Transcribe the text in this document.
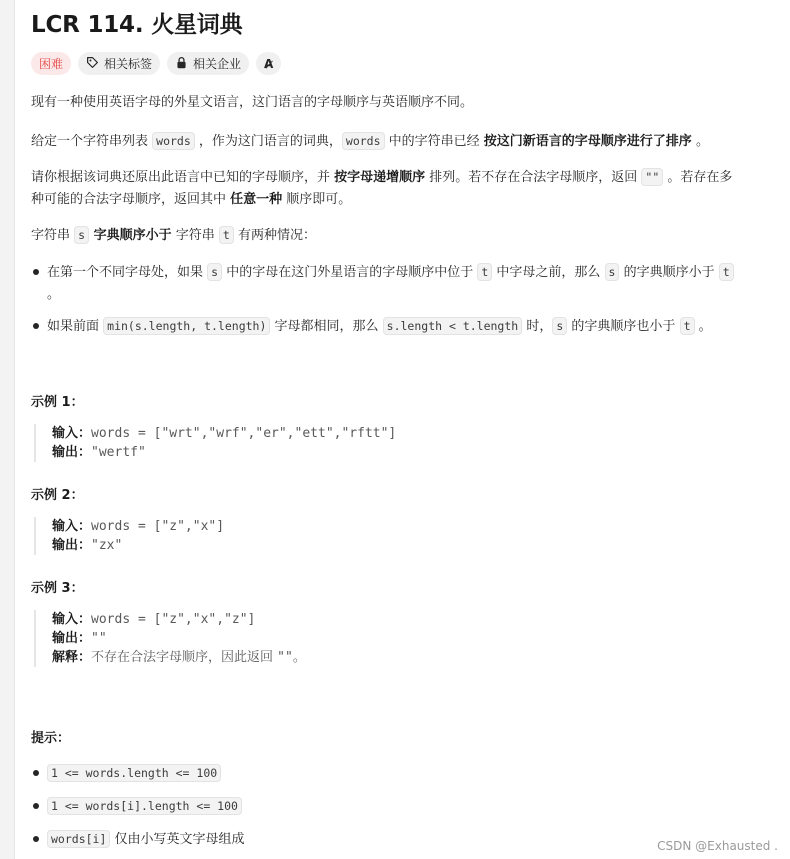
LCR 114. 火星词典
困难	相关标签	相关企业 A̷
现有一种使用英语字母的外星文语言，这门语言的字母顺序与英语顺序不同。
给定一个字符串列表 words ，作为这门语言的词典， words 中的字符串已经 按这门新语言的字母顺序进行了排序 。
请你根据该词典还原出此语言中已知的字母顺序，并 按字母递增顺序 排列。若不存在合法字母顺序，返回 "" 。若存在多
种可能的合法字母顺序，返回其中 任意一种 顺序即可。
字符串 s 字典顺序小于 字符串 t 有两种情况：
在第一个不同字母处，如果 s 中的字母在这门外星语言的字母顺序中位于 t 中字母之前，那么 s 的字典顺序小于 t
。
如果前面 min(s.length, t.length) 字母都相同，那么 s.length < t.length 时， s 的字典顺序也小于 t 。
示例 1：
输入：words = ["wrt","wrf","er","ett","rftt"]
输出："wertf"
示例 2：
输入：words = ["z","x"]
输出："zx"
示例 3：
输入：words = ["z","x","z"]
输出：""
解释：不存在合法字母顺序，因此返回 ""。
提示：
1 <= words.length <= 100
1 <= words[i].length <= 100
words[i] 仅由小写英文字母组成	CSDN @Exhausted .
